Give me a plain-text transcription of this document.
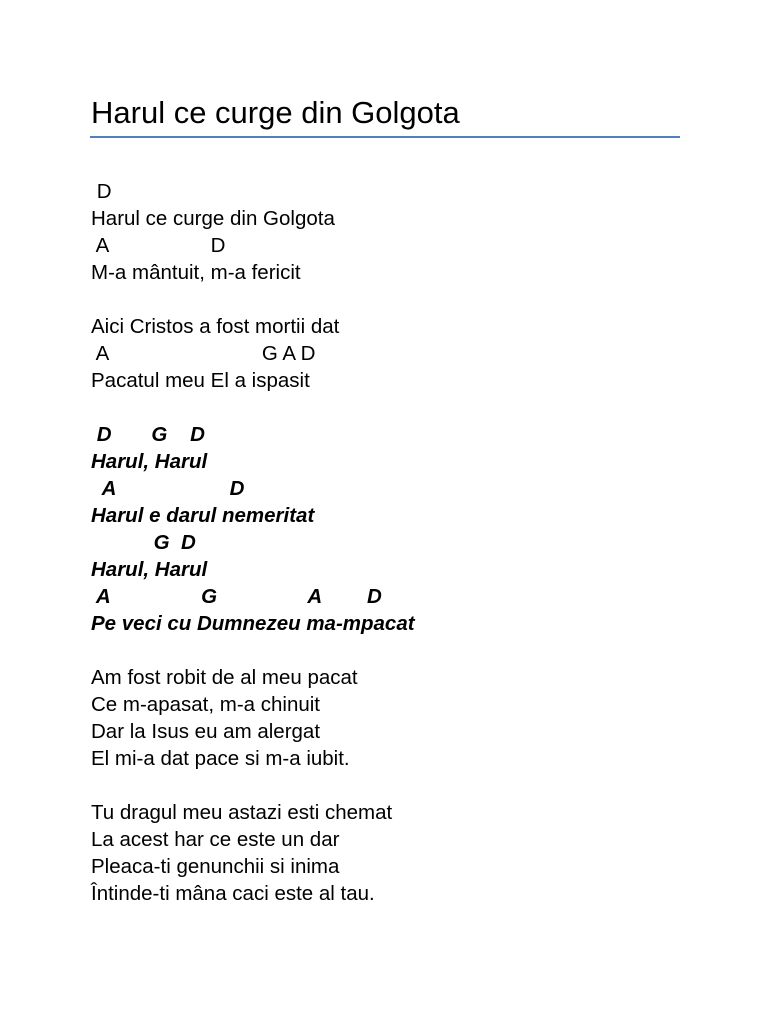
Harul ce curge din Golgota
D
Harul ce curge din Golgota
A                  D
M-a mântuit, m-a fericit
Aici Cristos a fost mortii dat
A                           G A D
Pacatul meu El a ispasit
D       G    D
Harul, Harul
A                    D
Harul e darul nemeritat
G  D
Harul, Harul
A                G                A        D
Pe veci cu Dumnezeu ma-mpacat
Am fost robit de al meu pacat
Ce m-apasat, m-a chinuit
Dar la Isus eu am alergat
El mi-a dat pace si m-a iubit.
Tu dragul meu astazi esti chemat
La acest har ce este un dar
Pleaca-ti genunchii si inima
Întinde-ti mâna caci este al tau.
